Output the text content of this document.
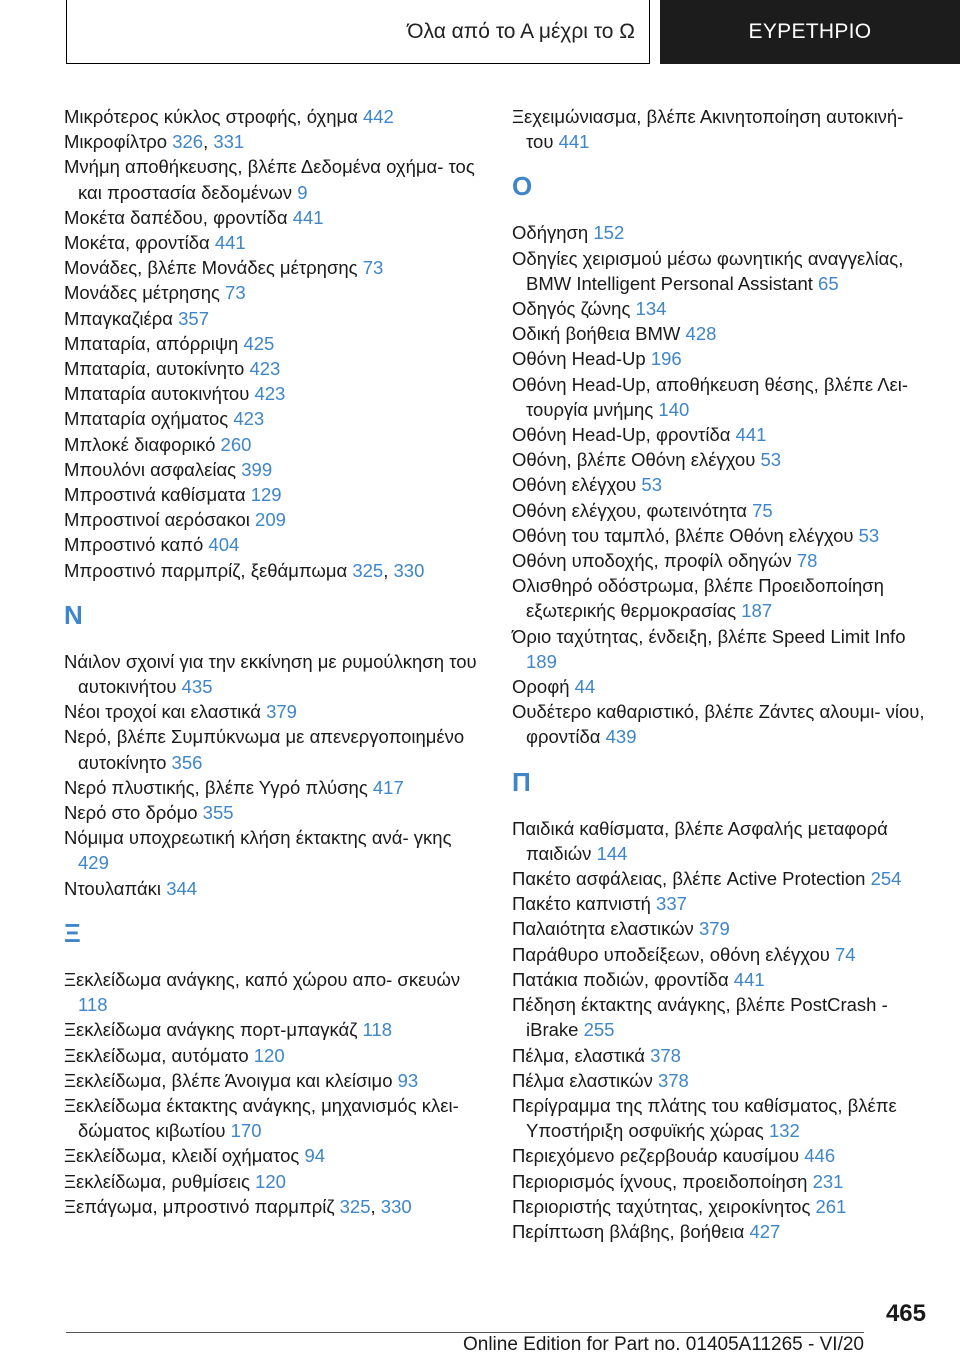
Όλα από το Α μέχρι το Ω	ΕΥΡΕΤΗΡΙΟ
Μικρότερος κύκλος στροφής, όχημα 442
Μικροφίλτρο 326, 331
Μνήμη αποθήκευσης, βλέπε Δεδομένα οχήμα- τος και προστασία δεδομένων 9
Μοκέτα δαπέδου, φροντίδα 441
Μοκέτα, φροντίδα 441
Μονάδες, βλέπε Μονάδες μέτρησης 73
Μονάδες μέτρησης 73
Μπαγκαζιέρα 357
Μπαταρία, απόρριψη 425
Μπαταρία, αυτοκίνητο 423
Μπαταρία αυτοκινήτου 423
Μπαταρία οχήματος 423
Μπλοκέ διαφορικό 260
Μπουλόνι ασφαλείας 399
Μπροστινά καθίσματα 129
Μπροστινοί αερόσακοι 209
Μπροστινό καπό 404
Μπροστινό παρμπρίζ, ξεθάμπωμα 325, 330
Ν
Νάιλον σχοινί για την εκκίνηση με ρυμούλκηση του αυτοκινήτου 435
Νέοι τροχοί και ελαστικά 379
Νερό, βλέπε Συμπύκνωμα με απενεργοποιημένο αυτοκίνητο 356
Νερό πλυστικής, βλέπε Υγρό πλύσης 417
Νερό στο δρόμο 355
Νόμιμα υποχρεωτική κλήση έκτακτης ανά- γκης 429
Ντουλαπάκι 344
Ξ
Ξεκλείδωμα ανάγκης, καπό χώρου απο- σκευών 118
Ξεκλείδωμα ανάγκης πορτ-μπαγκάζ 118
Ξεκλείδωμα, αυτόματο 120
Ξεκλείδωμα, βλέπε Άνοιγμα και κλείσιμο 93
Ξεκλείδωμα έκτακτης ανάγκης, μηχανισμός κλει- δώματος κιβωτίου 170
Ξεκλείδωμα, κλειδί οχήματος 94
Ξεκλείδωμα, ρυθμίσεις 120
Ξεπάγωμα, μπροστινό παρμπρίζ 325, 330
Ξεχειμώνιασμα, βλέπε Ακινητοποίηση αυτοκινή- του 441
Ο
Οδήγηση 152
Οδηγίες χειρισμού μέσω φωνητικής αναγγελίας, BMW Intelligent Personal Assistant 65
Οδηγός ζώνης 134
Οδική βοήθεια BMW 428
Οθόνη Head-Up 196
Οθόνη Head-Up, αποθήκευση θέσης, βλέπε Λει- τουργία μνήμης 140
Οθόνη Head-Up, φροντίδα 441
Οθόνη, βλέπε Οθόνη ελέγχου 53
Οθόνη ελέγχου 53
Οθόνη ελέγχου, φωτεινότητα 75
Οθόνη του ταμπλό, βλέπε Οθόνη ελέγχου 53
Οθόνη υποδοχής, προφίλ οδηγών 78
Ολισθηρό οδόστρωμα, βλέπε Προειδοποίηση εξωτερικής θερμοκρασίας 187
Όριο ταχύτητας, ένδειξη, βλέπε Speed Limit Info 189
Οροφή 44
Ουδέτερο καθαριστικό, βλέπε Ζάντες αλουμι- νίου, φροντίδα 439
Π
Παιδικά καθίσματα, βλέπε Ασφαλής μεταφορά παιδιών 144
Πακέτο ασφάλειας, βλέπε Active Protection 254
Πακέτο καπνιστή 337
Παλαιότητα ελαστικών 379
Παράθυρο υποδείξεων, οθόνη ελέγχου 74
Πατάκια ποδιών, φροντίδα 441
Πέδηση έκτακτης ανάγκης, βλέπε PostCrash - iBrake 255
Πέλμα, ελαστικά 378
Πέλμα ελαστικών 378
Περίγραμμα της πλάτης του καθίσματος, βλέπε Υποστήριξη οσφυϊκής χώρας 132
Περιεχόμενο ρεζερβουάρ καυσίμου 446
Περιορισμός ίχνους, προειδοποίηση 231
Περιοριστής ταχύτητας, χειροκίνητος 261
Περίπτωση βλάβης, βοήθεια 427
465
Online Edition for Part no. 01405A11265 - VI/20
